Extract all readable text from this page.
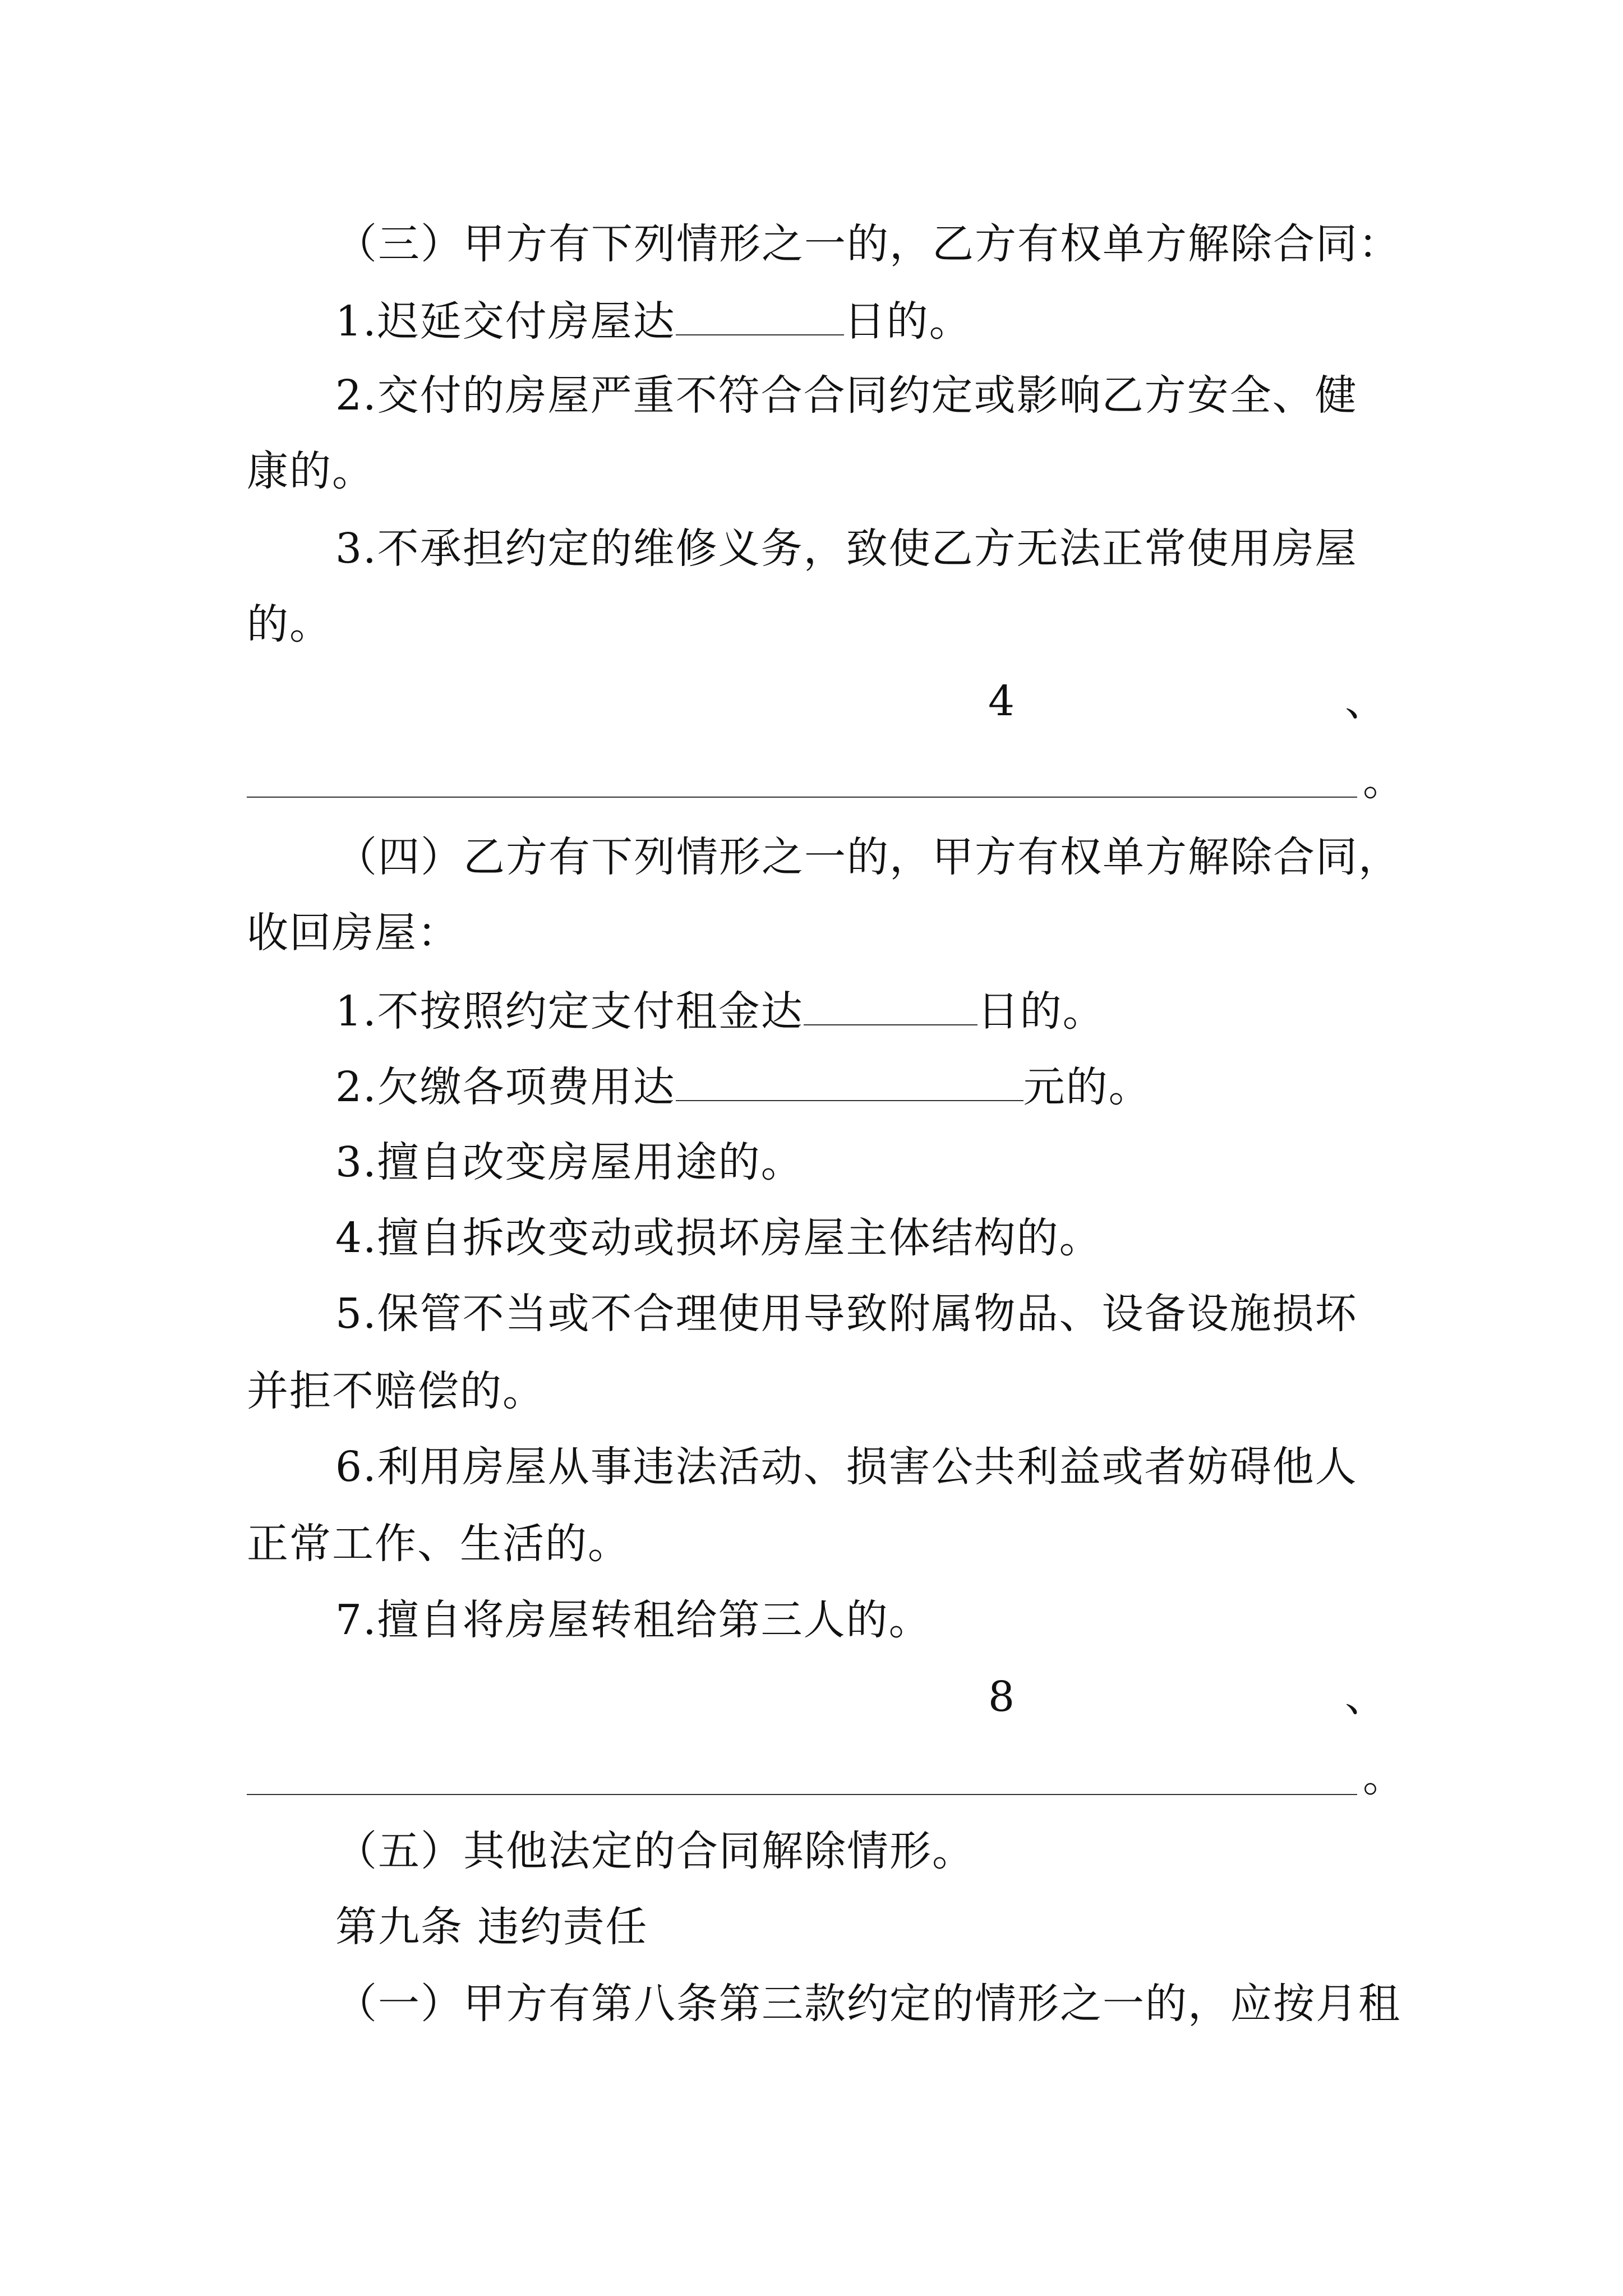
（三）甲方有下列情形之一的，乙方有权单方解除合同：
1.迟延交付房屋达	日的。
2.交付的房屋严重不符合合同约定或影响乙方安全、健
康的。
3.不承担约定的维修义务，致使乙方无法正常使用房屋
的。
4	、
。
（四）乙方有下列情形之一的，甲方有权单方解除合同，
收回房屋：
1.不按照约定支付租金达	日的。
2.欠缴各项费用达	元的。
3.擅自改变房屋用途的。
4.擅自拆改变动或损坏房屋主体结构的。
5.保管不当或不合理使用导致附属物品、设备设施损坏
并拒不赔偿的。
6.利用房屋从事违法活动、损害公共利益或者妨碍他人
正常工作、生活的。
7.擅自将房屋转租给第三人的。
8	、
。
（五）其他法定的合同解除情形。
第九条 违约责任
（一）甲方有第八条第三款约定的情形之一的，应按月租
